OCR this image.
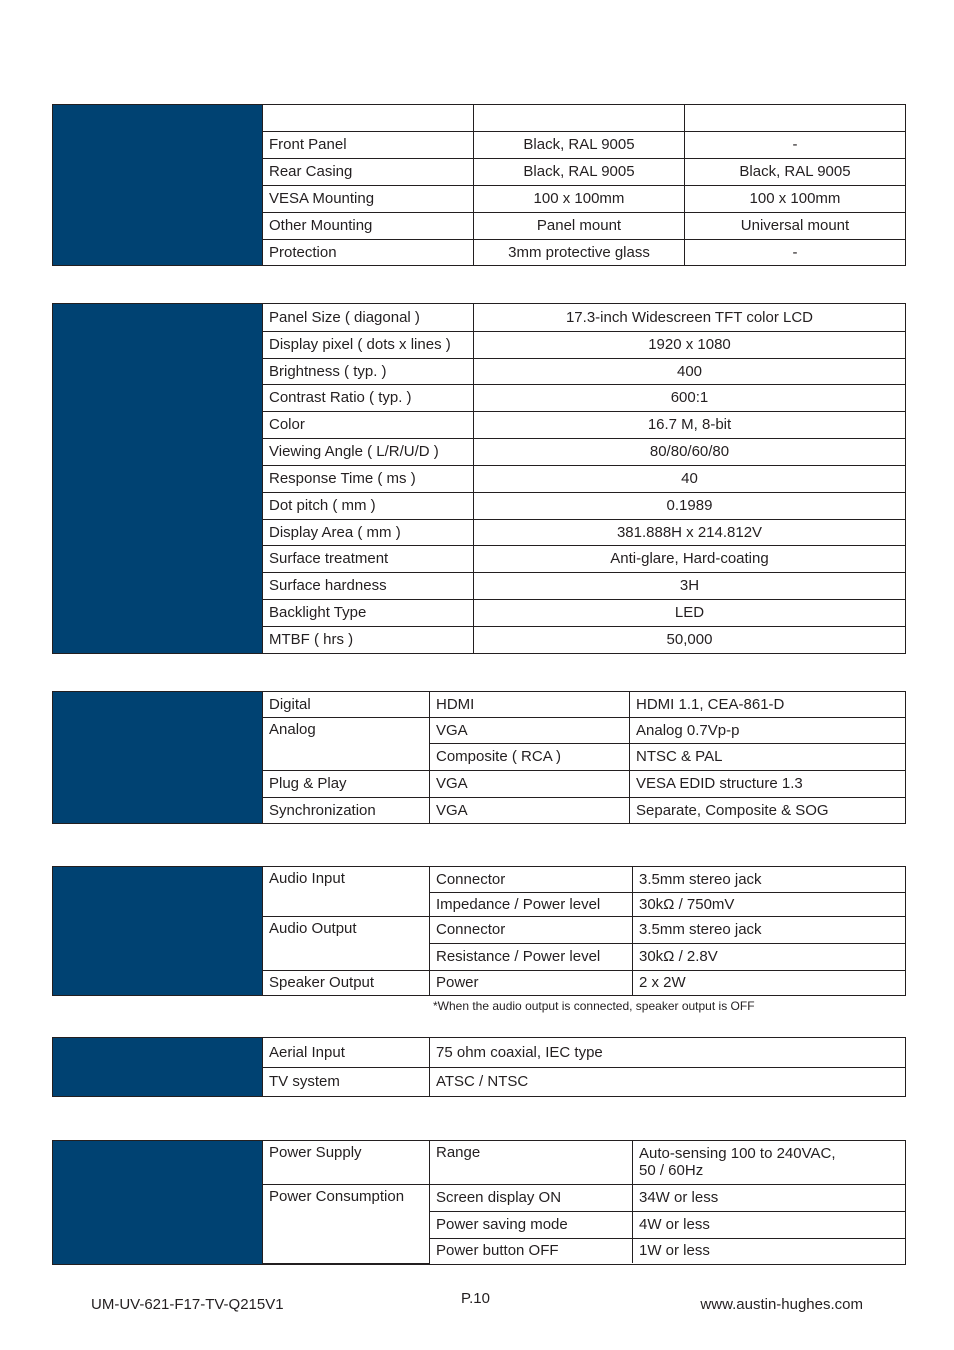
Front Panel	Black, RAL 9005	-
Rear Casing	Black, RAL 9005	Black, RAL 9005
VESA Mounting	100 x 100mm	100 x 100mm
Other Mounting	Panel mount	Universal mount
Protection	3mm protective glass	-
Panel Size ( diagonal )	17.3-inch Widescreen TFT color LCD
Display pixel ( dots x lines )	1920 x 1080
Brightness ( typ. )	400
Contrast Ratio ( typ. )	600:1
Color	16.7 M, 8-bit
Viewing Angle ( L/R/U/D )	80/80/60/80
Response Time ( ms )	40
Dot pitch ( mm )	0.1989
Display Area ( mm )	381.888H x 214.812V
Surface treatment	Anti-glare, Hard-coating
Surface hardness	3H
Backlight Type	LED
MTBF ( hrs )	50,000
Digital	HDMI	HDMI 1.1, CEA-861-D
Analog	VGA	Analog 0.7Vp-p
	Composite ( RCA )	NTSC & PAL
Plug & Play	VGA	VESA EDID structure 1.3
Synchronization	VGA	Separate, Composite & SOG
Audio Input	Connector	3.5mm stereo jack
	Impedance / Power level	30kΩ / 750mV
Audio Output	Connector	3.5mm stereo jack
	Resistance / Power level	30kΩ / 2.8V
Speaker Output	Power	2 x 2W
*When the audio output is connected, speaker output is OFF
Aerial Input	75 ohm coaxial, IEC type
TV system	ATSC / NTSC
Power Supply	Range	Auto-sensing 100 to 240VAC, 50 / 60Hz

Power Consumption	Screen display ON	34W or less
	Power saving mode	4W or less
	Power button OFF	1W or less
UM-UV-621-F17-TV-Q215V1	P.10	www.austin-hughes.com
